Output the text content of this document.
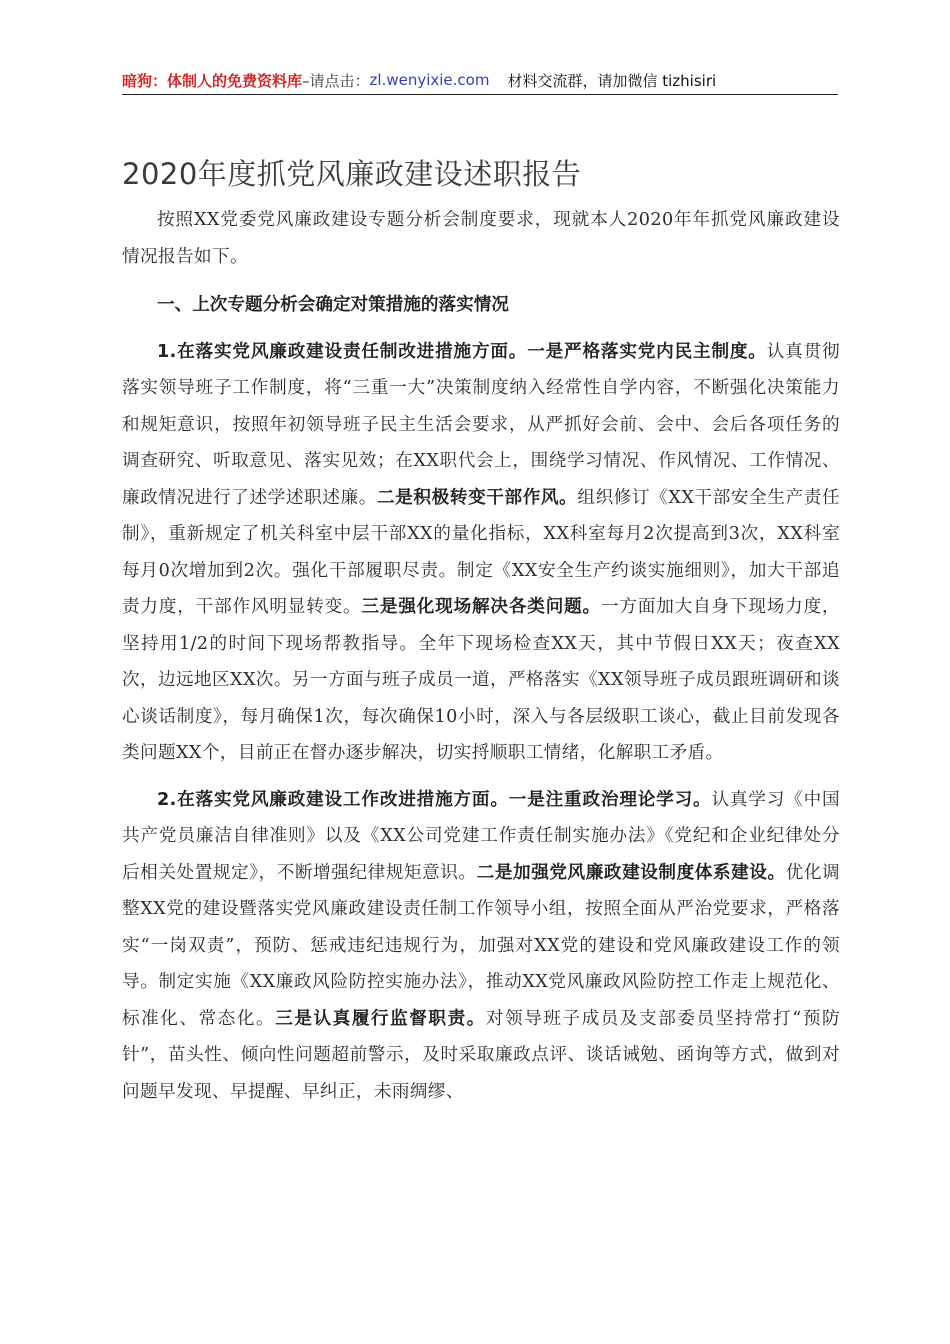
暗狗：体制人的免费资料库 –请点击： zl.wenyixie.com 材料交流群，请加微信 tizhisiri
2020年度抓党风廉政建设述职报告

按照XX党委党风廉政建设专题分析会制度要求，现就本人2020年年抓党风廉政建设情况报告如下。

一、上次专题分析会确定对策措施的落实情况

1.在落实党风廉政建设责任制改进措施方面。一是严格落实党内民主制度。认真贯彻落实领导班子工作制度，将“三重一大”决策制度纳入经常性自学内容，不断强化决策能力和规矩意识，按照年初领导班子民主生活会要求，从严抓好会前、会中、会后各项任务的调查研究、听取意见、落实见效；在XX职代会上，围绕学习情况、作风情况、工作情况、廉政情况进行了述学述职述廉。二是积极转变干部作风。组织修订《XX干部安全生产责任制》，重新规定了机关科室中层干部XX的量化指标，XX科室每月2次提高到3次，XX科室每月0次增加到2次。强化干部履职尽责。制定《XX安全生产约谈实施细则》，加大干部追责力度，干部作风明显转变。三是强化现场解决各类问题。一方面加大自身下现场力度，坚持用1/2的时间下现场帮教指导。全年下现场检查XX天，其中节假日XX天；夜查XX次，边远地区XX次。另一方面与班子成员一道，严格落实《XX领导班子成员跟班调研和谈心谈话制度》，每月确保1次，每次确保10小时，深入与各层级职工谈心，截止目前发现各类问题XX个，目前正在督办逐步解决，切实捋顺职工情绪，化解职工矛盾。

2.在落实党风廉政建设工作改进措施方面。一是注重政治理论学习。认真学习《中国共产党员廉洁自律准则》以及《XX公司党建工作责任制实施办法》《党纪和企业纪律处分后相关处置规定》，不断增强纪律规矩意识。二是加强党风廉政建设制度体系建设。优化调整XX党的建设暨落实党风廉政建设责任制工作领导小组，按照全面从严治党要求，严格落实“一岗双责”，预防、惩戒违纪违规行为，加强对XX党的建设和党风廉政建设工作的领导。制定实施《XX廉政风险防控实施办法》，推动XX党风廉政风险防控工作走上规范化、标准化、常态化。三是认真履行监督职责。对领导班子成员及支部委员坚持常打“预防针”，苗头性、倾向性问题超前警示，及时采取廉政点评、谈话诫勉、函询等方式，做到对问题早发现、早提醒、早纠正，未雨绸缪、
